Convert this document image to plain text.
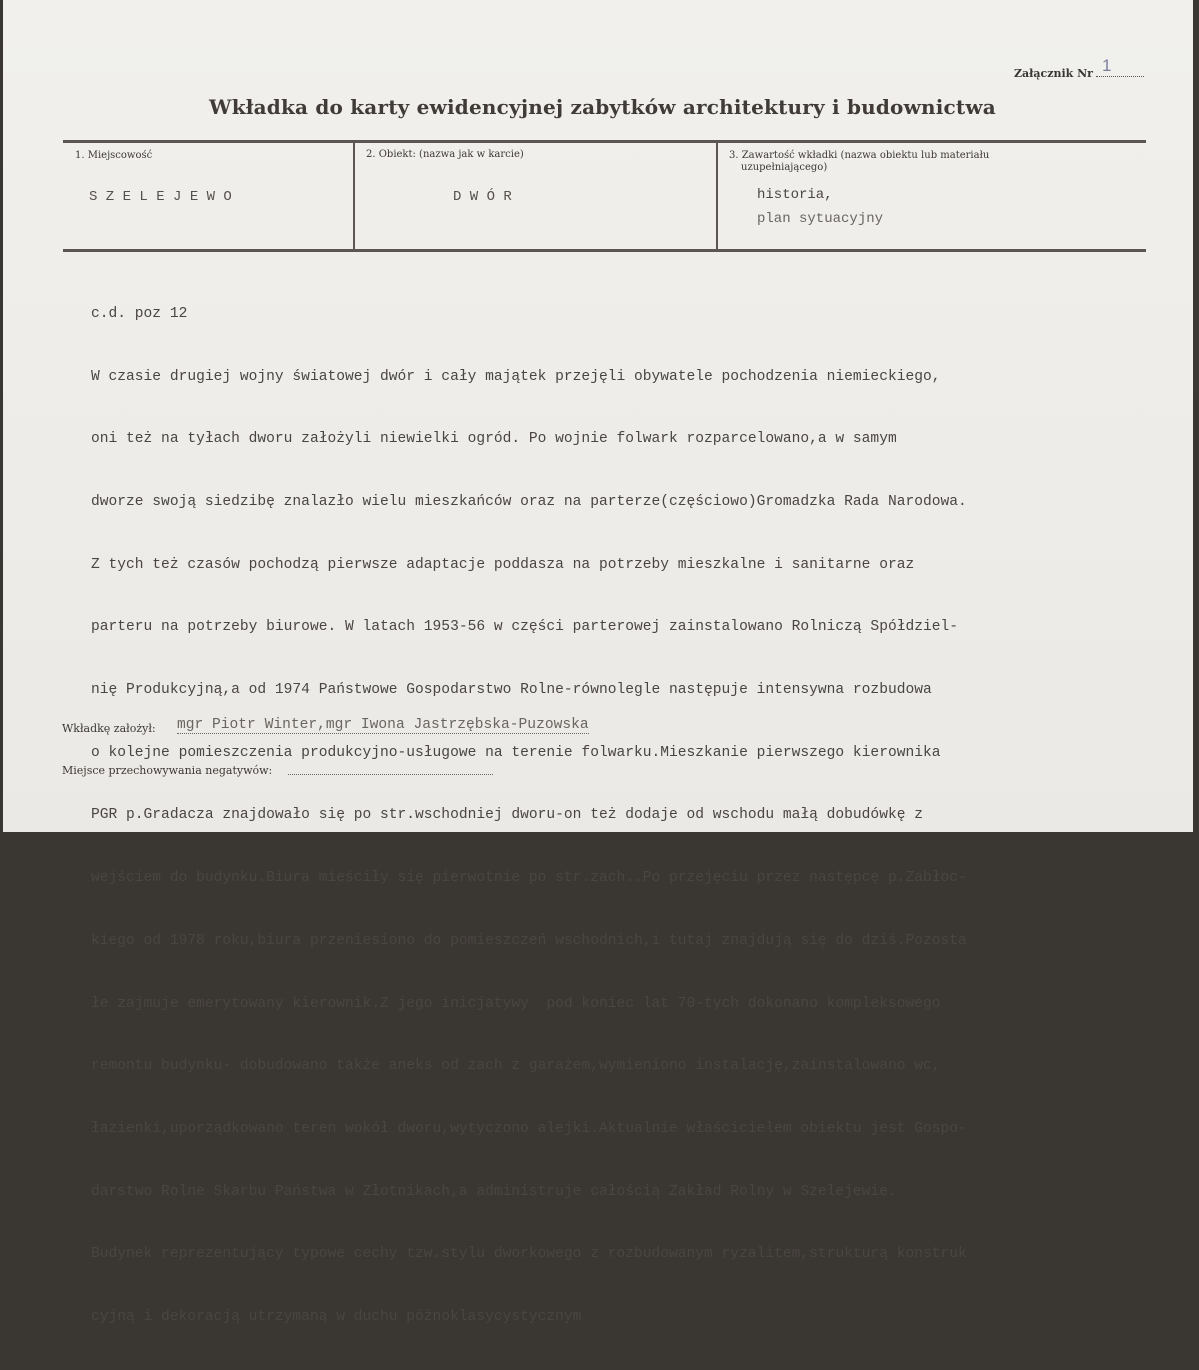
Załącznik Nr 1
Wkładka do karty ewidencyjnej zabytków architektury i budownictwa
1. Miejscowość
S Z E L E J E W O
2. Obiekt: (nazwa jak w karcie)
D W Ó R
3. Zawartość wkładki (nazwa obiektu lub materiału
uzupełniającego)
historia,
plan sytuacyjny

c.d. poz 12

W czasie drugiej wojny światowej dwór i cały majątek przejęli obywatele pochodzenia niemieckiego,

oni też na tyłach dworu założyli niewielki ogród. Po wojnie folwark rozparcelowano,a w samym

dworze swoją siedzibę znalazło wielu mieszkańców oraz na parterze(częściowo)Gromadzka Rada Narodowa.

Z tych też czasów pochodzą pierwsze adaptacje poddasza na potrzeby mieszkalne i sanitarne oraz

parteru na potrzeby biurowe. W latach 1953-56 w części parterowej zainstalowano Rolniczą Spółdziel-

nię Produkcyjną,a od 1974 Państwowe Gospodarstwo Rolne-równolegle następuje intensywna rozbudowa

o kolejne pomieszczenia produkcyjno-usługowe na terenie folwarku.Mieszkanie pierwszego kierownika

PGR p.Gradacza znajdowało się po str.wschodniej dworu-on też dodaje od wschodu małą dobudówkę z

wejściem do budynku.Biura mieściły się pierwotnie po str.zach..Po przejęciu przez następcę p.Zabłoc-

kiego od 1978 roku,biura przeniesiono do pomieszczeń wschodnich,i tutaj znajdują się do dziś.Pozosta

łe zajmuje emerytowany kierownik.Z jego inicjatywy  pod koniec lat 70-tych dokonano kompleksowego

remontu budynku- dobudowano także aneks od zach z garażem,wymieniono instalację,zainstalowano wc,

łazienki,uporządkowano teren wokół dworu,wytyczono alejki.Aktualnie właścicielem obiektu jest Gospo-

darstwo Rolne Skarbu Państwa w Złotnikach,a administruje całością Zakład Rolny w Szelejewie.

Budynek reprezentujący typowe cechy tzw.stylu dworkowego z rozbudowanym ryzalitem,strukturą konstruk

cyjną i dekoracją utrzymaną w duchu późnoklasycystycznym

Wkładkę założył: mgr Piotr Winter,mgr Iwona Jastrzębska-Puzowska
Miejsce przechowywania negatywów:
